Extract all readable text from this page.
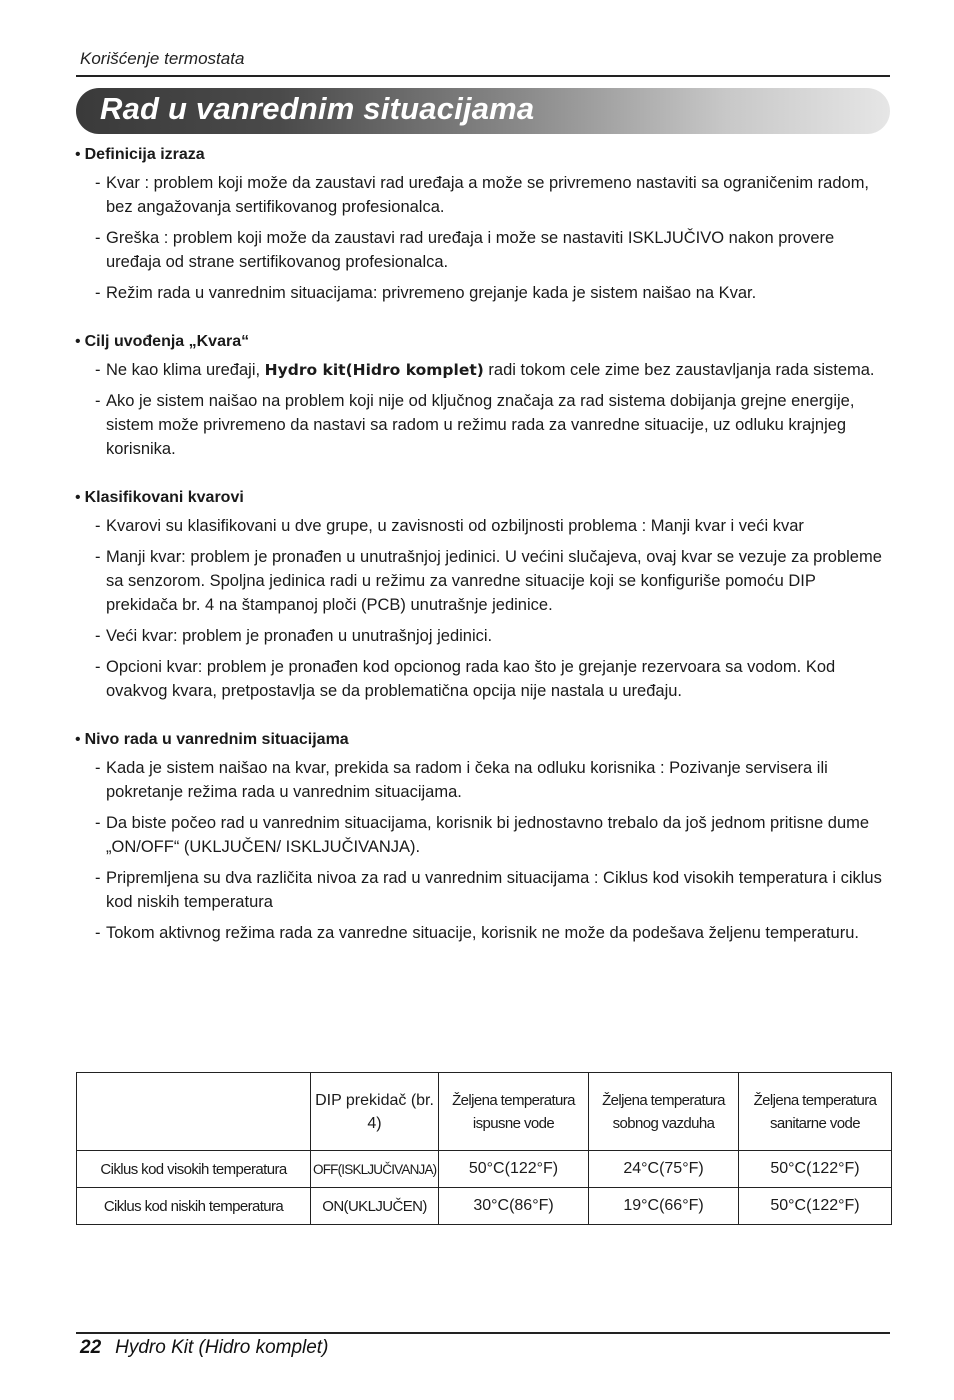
Korišćenje termostata
Rad u vanrednim situacijama
• Definicija izraza
- Kvar : problem koji može da zaustavi rad uređaja a može se privremeno nastaviti sa ograničenim radom, bez angažovanja sertifikovanog profesionalca.
- Greška : problem koji može da zaustavi rad uređaja i može se nastaviti ISKLJUČIVO nakon provere uređaja od strane sertifikovanog profesionalca.
- Režim rada u vanrednim situacijama: privremeno grejanje kada je sistem naišao na Kvar.
• Cilj uvođenja „Kvara“
- Ne kao klima uređaji, Hydro kit(Hidro komplet) radi tokom cele zime bez zaustavljanja rada sistema.
- Ako je sistem naišao na problem koji nije od ključnog značaja za rad sistema dobijanja grejne energije, sistem može privremeno da nastavi sa radom u režimu rada za vanredne situacije, uz odluku krajnjeg korisnika.
• Klasifikovani kvarovi
- Kvarovi su klasifikovani u dve grupe, u zavisnosti od ozbiljnosti problema : Manji kvar i veći kvar
- Manji kvar: problem je pronađen u unutrašnjoj jedinici. U većini slučajeva, ovaj kvar se vezuje za probleme sa senzorom. Spoljna jedinica radi u režimu za vanredne situacije koji se konfiguriše pomoću DIP prekidača br. 4 na štampanoj ploči (PCB) unutrašnje jedinice.
- Veći kvar: problem je pronađen u unutrašnjoj jedinici.
- Opcioni kvar: problem je pronađen kod opcionog rada kao što je grejanje rezervoara sa vodom. Kod ovakvog kvara, pretpostavlja se da problematična opcija nije nastala u uređaju.
• Nivo rada u vanrednim situacijama
- Kada je sistem naišao na kvar, prekida sa radom i čeka na odluku korisnika : Pozivanje servisera ili pokretanje režima rada u vanrednim situacijama.
- Da biste počeo rad u vanrednim situacijama, korisnik bi jednostavno trebalo da još jednom pritisne dume „ON/OFF“ (UKLJUČEN/ ISKLJUČIVANJA).
- Pripremljena su dva različita nivoa za rad u vanrednim situacijama : Ciklus kod visokih temperatura i ciklus kod niskih temperatura
- Tokom aktivnog režima rada za vanredne situacije, korisnik ne može da podešava željenu temperaturu.
	DIP prekidač (br. 4)	Željena temperatura ispusne vode	Željena temperatura sobnog vazduha	Željena temperatura sanitarne vode
Ciklus kod visokih temperatura	OFF(ISKLJUČIVANJA)	50°C(122°F)	24°C(75°F)	50°C(122°F)
Ciklus kod niskih temperatura	ON(UKLJUČEN)	30°C(86°F)	19°C(66°F)	50°C(122°F)
22 Hydro Kit (Hidro komplet)
